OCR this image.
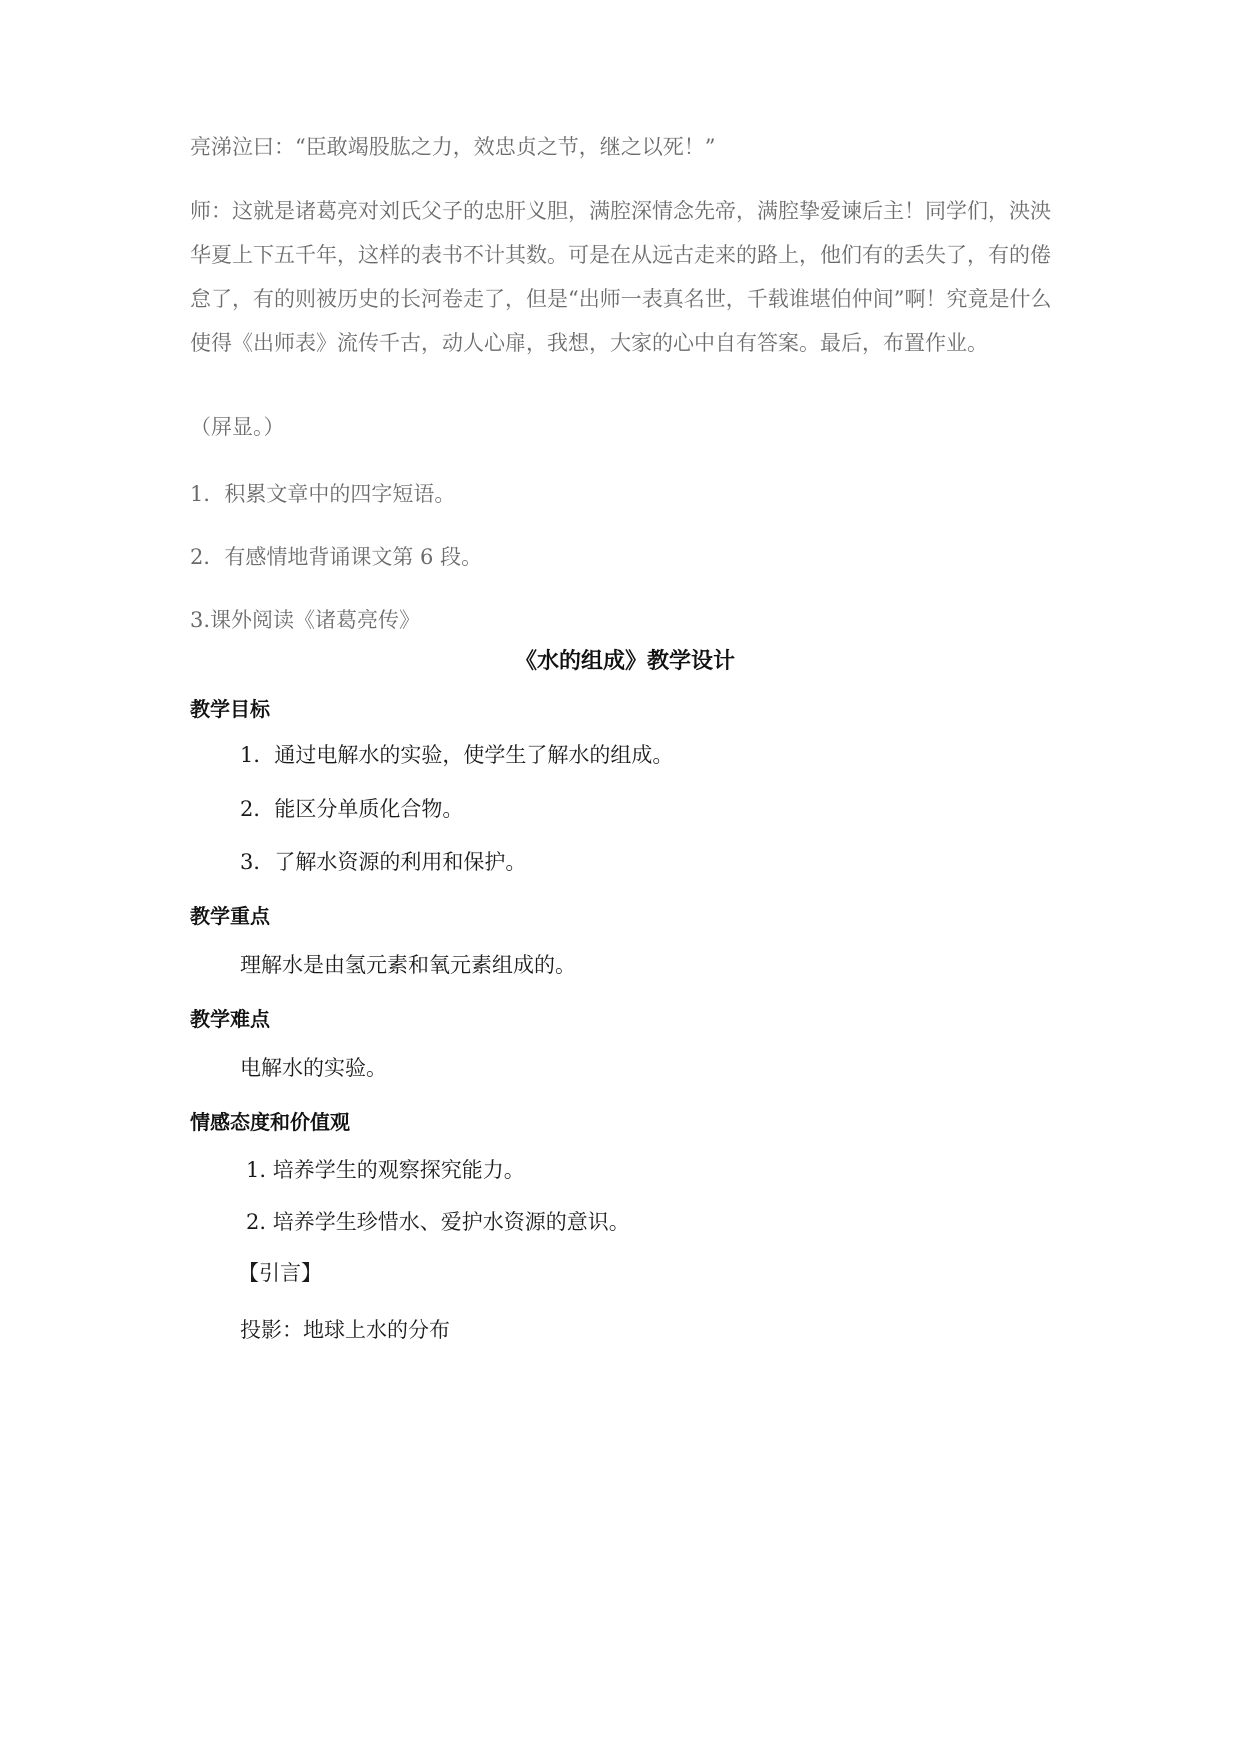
亮涕泣曰：“臣敢竭股肱之力，效忠贞之节，继之以死！”

师：这就是诸葛亮对刘氏父子的忠肝义胆，满腔深情念先帝，满腔挚爱谏后主！同学们，泱泱华夏上下五千年，这样的表书不计其数。可是在从远古走来的路上，他们有的丢失了，有的倦怠了，有的则被历史的长河卷走了，但是“出师一表真名世，千载谁堪伯仲间”啊！究竟是什么使得《出师表》流传千古，动人心扉，我想，大家的心中自有答案。最后，布置作业。

（屏显。）

1．积累文章中的四字短语。

2．有感情地背诵课文第 6 段。

3.课外阅读《诸葛亮传》

《水的组成》教学设计
教学目标

1．通过电解水的实验，使学生了解水的组成。

2．能区分单质化合物。

3．了解水资源的利用和保护。

教学重点

理解水是由氢元素和氧元素组成的。

教学难点

电解水的实验。

情感态度和价值观

1. 培养学生的观察探究能力。

2. 培养学生珍惜水、爱护水资源的意识。

【引言】

投影：地球上水的分布
